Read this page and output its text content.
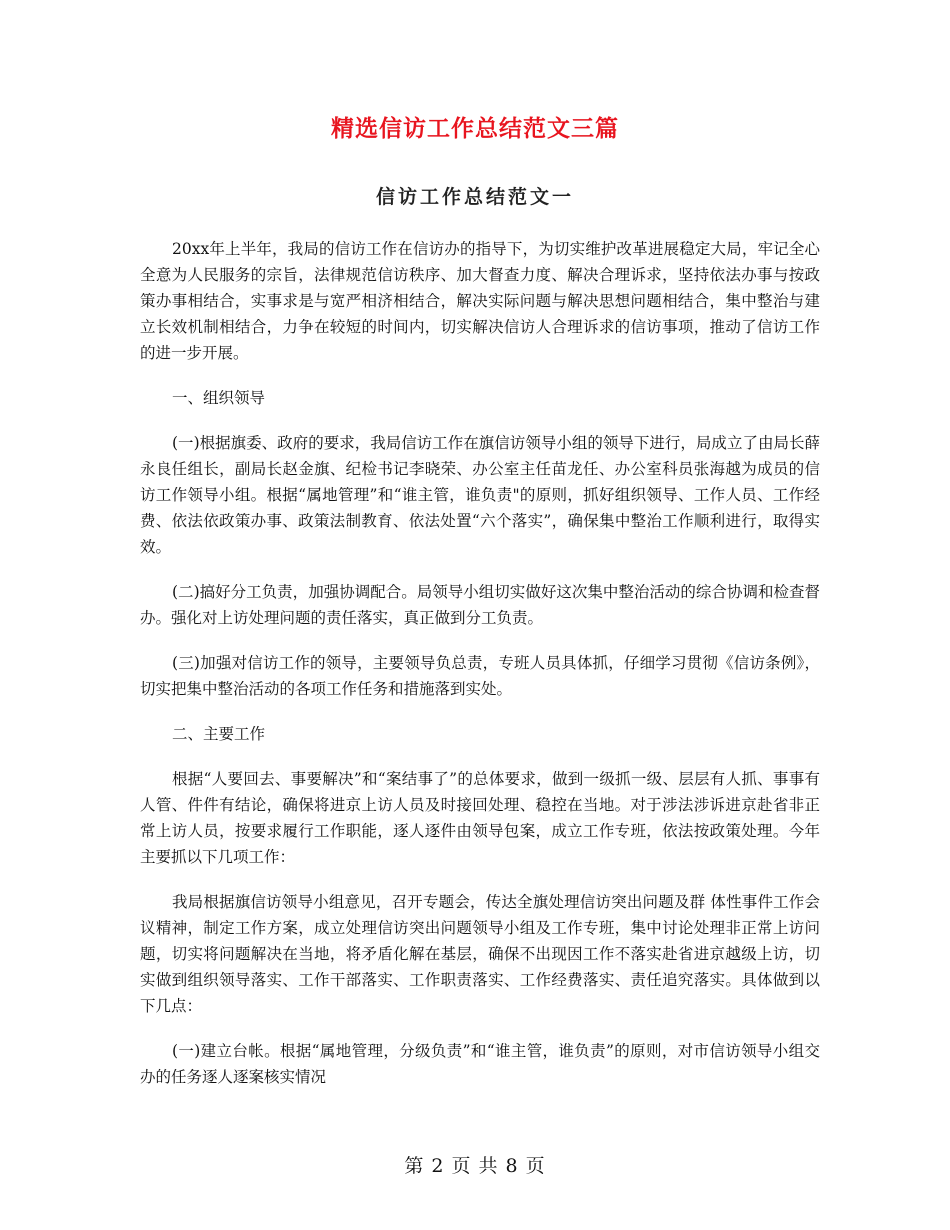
精选信访工作总结范文三篇
信访工作总结范文一

20xx年上半年，我局的信访工作在信访办的指导下，为切实维护改革进展稳定大局，牢记全心全意为人民服务的宗旨，法律规范信访秩序、加大督查力度、解决合理诉求，坚持依法办事与按政策办事相结合，实事求是与宽严相济相结合，解决实际问题与解决思想问题相结合，集中整治与建立长效机制相结合，力争在较短的时间内，切实解决信访人合理诉求的信访事项，推动了信访工作的进一步开展。

一、组织领导

(一)根据旗委、政府的要求，我局信访工作在旗信访领导小组的领导下进行，局成立了由局长薛永良任组长，副局长赵金旗、纪检书记李晓荣、办公室主任苗龙任、办公室科员张海越为成员的信访工作领导小组。根据“属地管理”和“谁主管，谁负责"的原则，抓好组织领导、工作人员、工作经费、依法依政策办事、政策法制教育、依法处置“六个落实”，确保集中整治工作顺利进行，取得实效。

(二)搞好分工负责，加强协调配合。局领导小组切实做好这次集中整治活动的综合协调和检查督办。强化对上访处理问题的责任落实，真正做到分工负责。

(三)加强对信访工作的领导，主要领导负总责，专班人员具体抓，仔细学习贯彻《信访条例》，切实把集中整治活动的各项工作任务和措施落到实处。

二、主要工作

根据“人要回去、事要解决”和“案结事了”的总体要求，做到一级抓一级、层层有人抓、事事有人管、件件有结论，确保将进京上访人员及时接回处理、稳控在当地。对于涉法涉诉进京赴省非正常上访人员，按要求履行工作职能，逐人逐件由领导包案，成立工作专班，依法按政策处理。今年主要抓以下几项工作：

我局根据旗信访领导小组意见，召开专题会，传达全旗处理信访突出问题及群 体性事件工作会议精神，制定工作方案，成立处理信访突出问题领导小组及工作专班，集中讨论处理非正常上访问题，切实将问题解决在当地，将矛盾化解在基层，确保不出现因工作不落实赴省进京越级上访，切实做到组织领导落实、工作干部落实、工作职责落实、工作经费落实、责任追究落实。具体做到以下几点：

(一)建立台帐。根据“属地管理，分级负责”和“谁主管，谁负责”的原则，对市信访领导小组交办的任务逐人逐案核实情况

第 2 页 共 8 页
